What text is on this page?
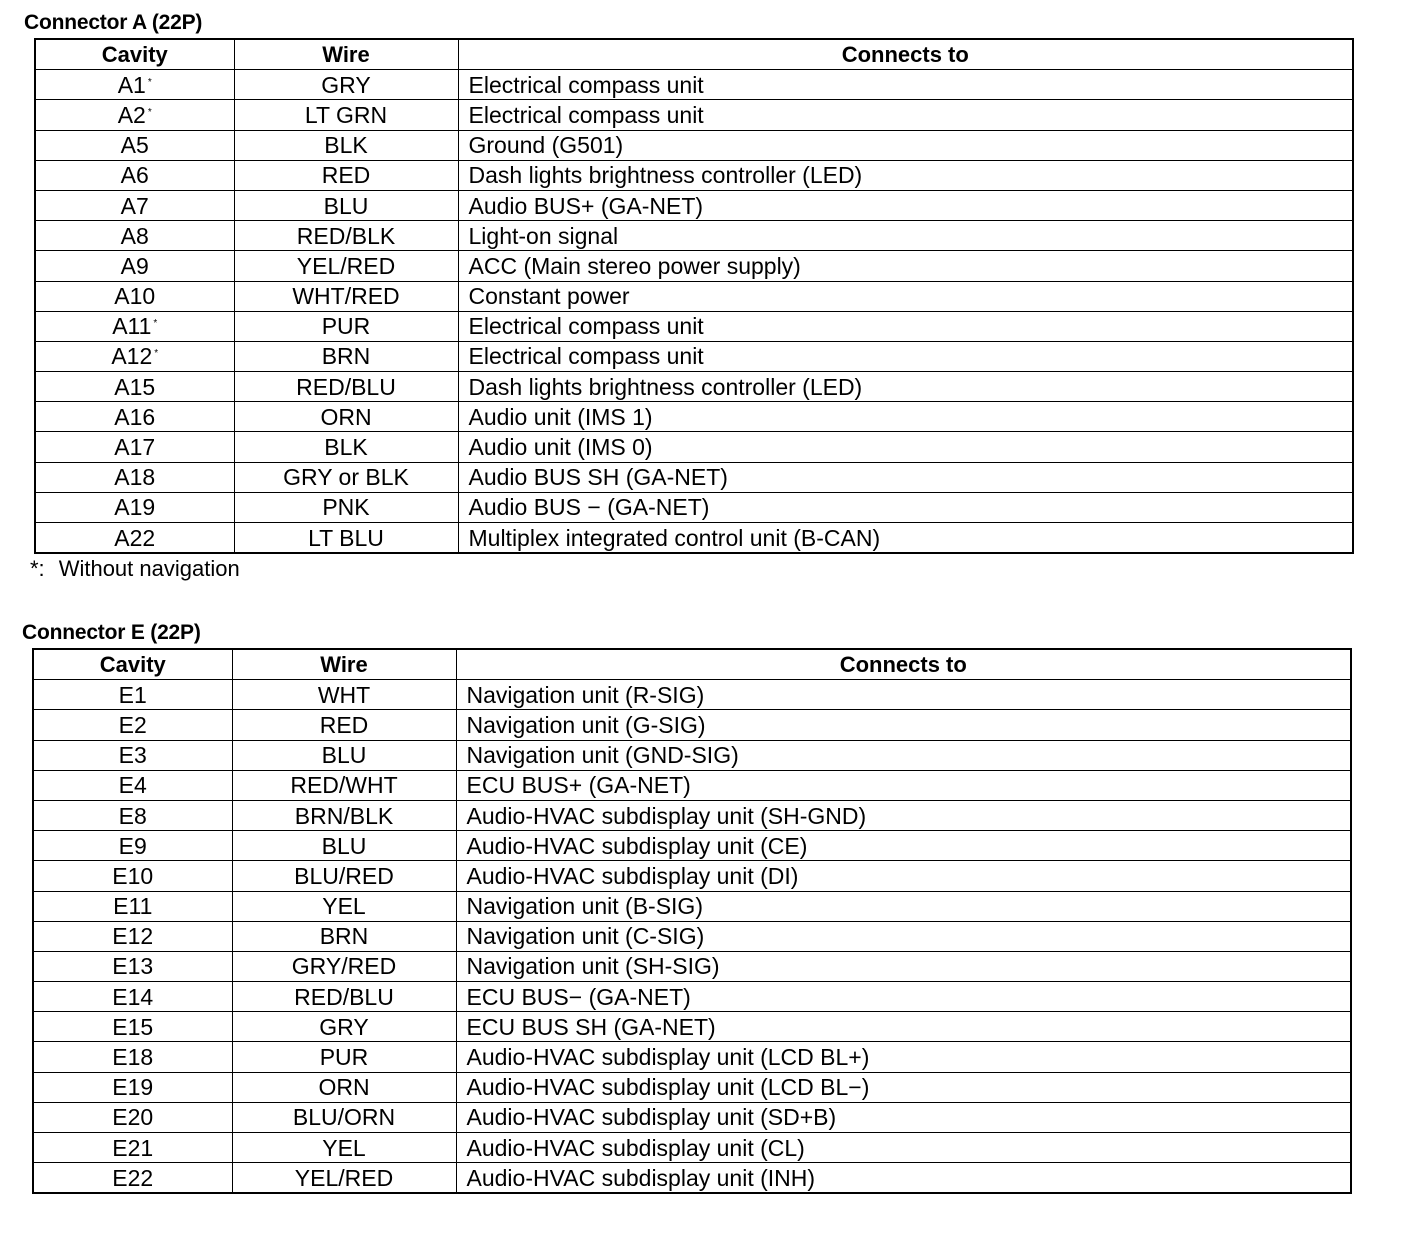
Connector A (22P)
Cavity	Wire	Connects to
A1 *	GRY	Electrical compass unit
A2 *	LT GRN	Electrical compass unit
A5	BLK	Ground (G501)
A6	RED	Dash lights brightness controller (LED)
A7	BLU	Audio BUS+ (GA-NET)
A8	RED/BLK	Light-on signal
A9	YEL/RED	ACC (Main stereo power supply)
A10	WHT/RED	Constant power
A11 *	PUR	Electrical compass unit
A12 *	BRN	Electrical compass unit
A15	RED/BLU	Dash lights brightness controller (LED)
A16	ORN	Audio unit (IMS 1)
A17	BLK	Audio unit (IMS 0)
A18	GRY or BLK	Audio BUS SH (GA-NET)
A19	PNK	Audio BUS − (GA-NET)
A22	LT BLU	Multiplex integrated control unit (B-CAN)
*: Without navigation
Connector E (22P)
Cavity	Wire	Connects to
E1	WHT	Navigation unit (R-SIG)
E2	RED	Navigation unit (G-SIG)
E3	BLU	Navigation unit (GND-SIG)
E4	RED/WHT	ECU BUS+ (GA-NET)
E8	BRN/BLK	Audio-HVAC subdisplay unit (SH-GND)
E9	BLU	Audio-HVAC subdisplay unit (CE)
E10	BLU/RED	Audio-HVAC subdisplay unit (DI)
E11	YEL	Navigation unit (B-SIG)
E12	BRN	Navigation unit (C-SIG)
E13	GRY/RED	Navigation unit (SH-SIG)
E14	RED/BLU	ECU BUS− (GA-NET)
E15	GRY	ECU BUS SH (GA-NET)
E18	PUR	Audio-HVAC subdisplay unit (LCD BL+)
E19	ORN	Audio-HVAC subdisplay unit (LCD BL−)
E20	BLU/ORN	Audio-HVAC subdisplay unit (SD+B)
E21	YEL	Audio-HVAC subdisplay unit (CL)
E22	YEL/RED	Audio-HVAC subdisplay unit (INH)
